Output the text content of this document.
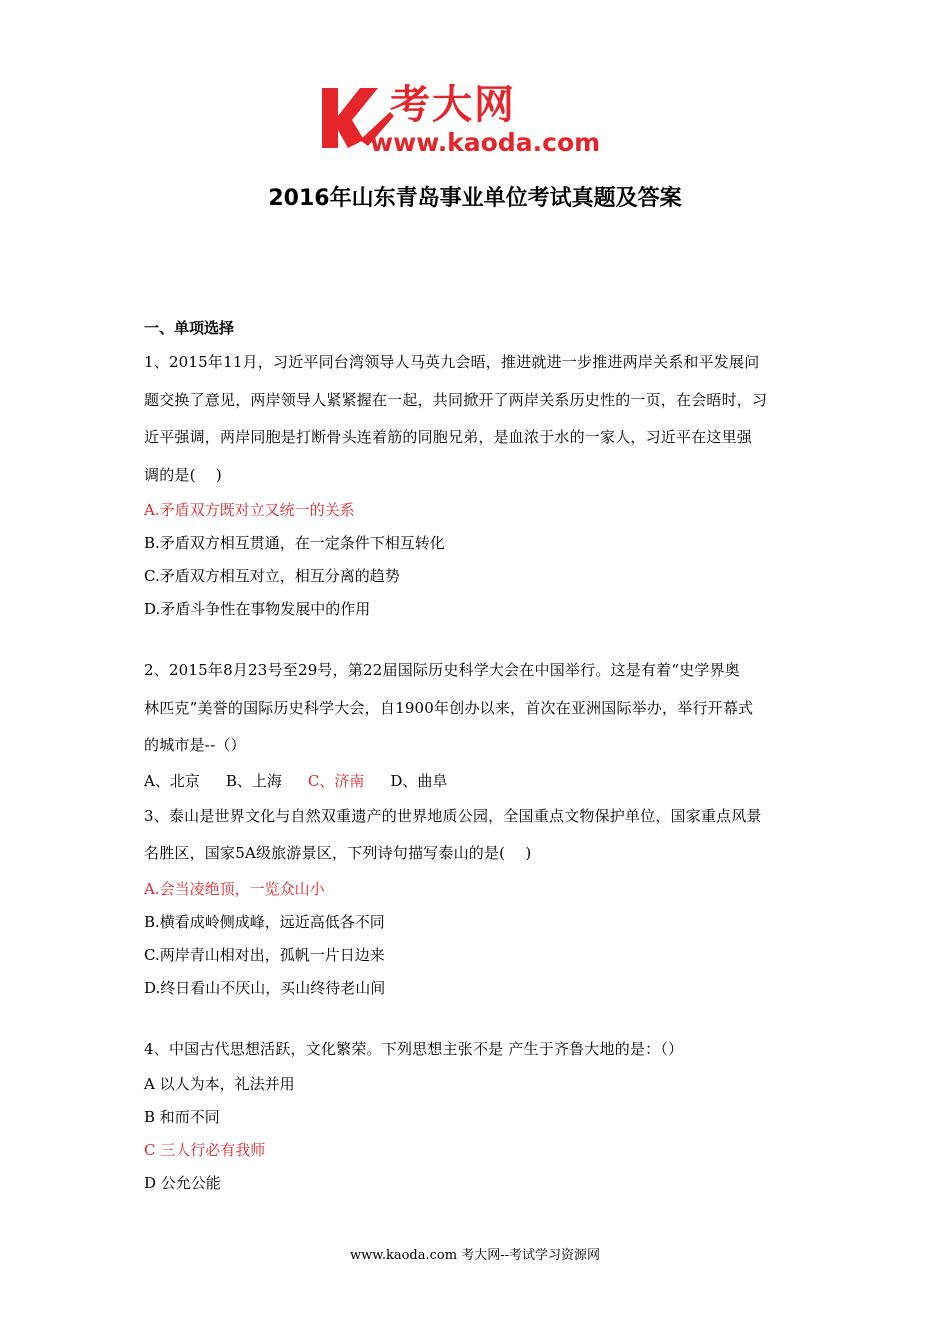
考大网
www.kaoda.com
2016年山东青岛事业单位考试真题及答案
一、单项选择

1、2015年11月，习近平同台湾领导人马英九会晤，推进就进一步推进两岸关系和平发展问

题交换了意见，两岸领导人紧紧握在一起，共同掀开了两岸关系历史性的一页，在会晤时，习

近平强调，两岸同胞是打断骨头连着筋的同胞兄弟，是血浓于水的一家人，习近平在这里强

调的是(　 )

A.矛盾双方既对立又统一的关系

B.矛盾双方相互贯通，在一定条件下相互转化

C.矛盾双方相互对立，相互分离的趋势

D.矛盾斗争性在事物发展中的作用

2、2015年8月23号至29号，第22届国际历史科学大会在中国举行。这是有着“史学界奥

林匹克”美誉的国际历史科学大会，自1900年创办以来，首次在亚洲国际举办，举行开幕式

的城市是--（）

A、北京 B、上海 C、济南 D、曲阜

3、泰山是世界文化与自然双重遗产的世界地质公园，全国重点文物保护单位，国家重点风景

名胜区，国家5A级旅游景区，下列诗句描写泰山的是(　 )

A.会当凌绝顶，一览众山小

B.横看成岭侧成峰，远近高低各不同

C.两岸青山相对出，孤帆一片日边来

D.终日看山不厌山，买山终待老山间

4、中国古代思想活跃，文化繁荣。下列思想主张不是 产生于齐鲁大地的是：（）

A 以人为本，礼法并用

B 和而不同

C 三人行必有我师

D 公允公能

www.kaoda.com 考大网--考试学习资源网
